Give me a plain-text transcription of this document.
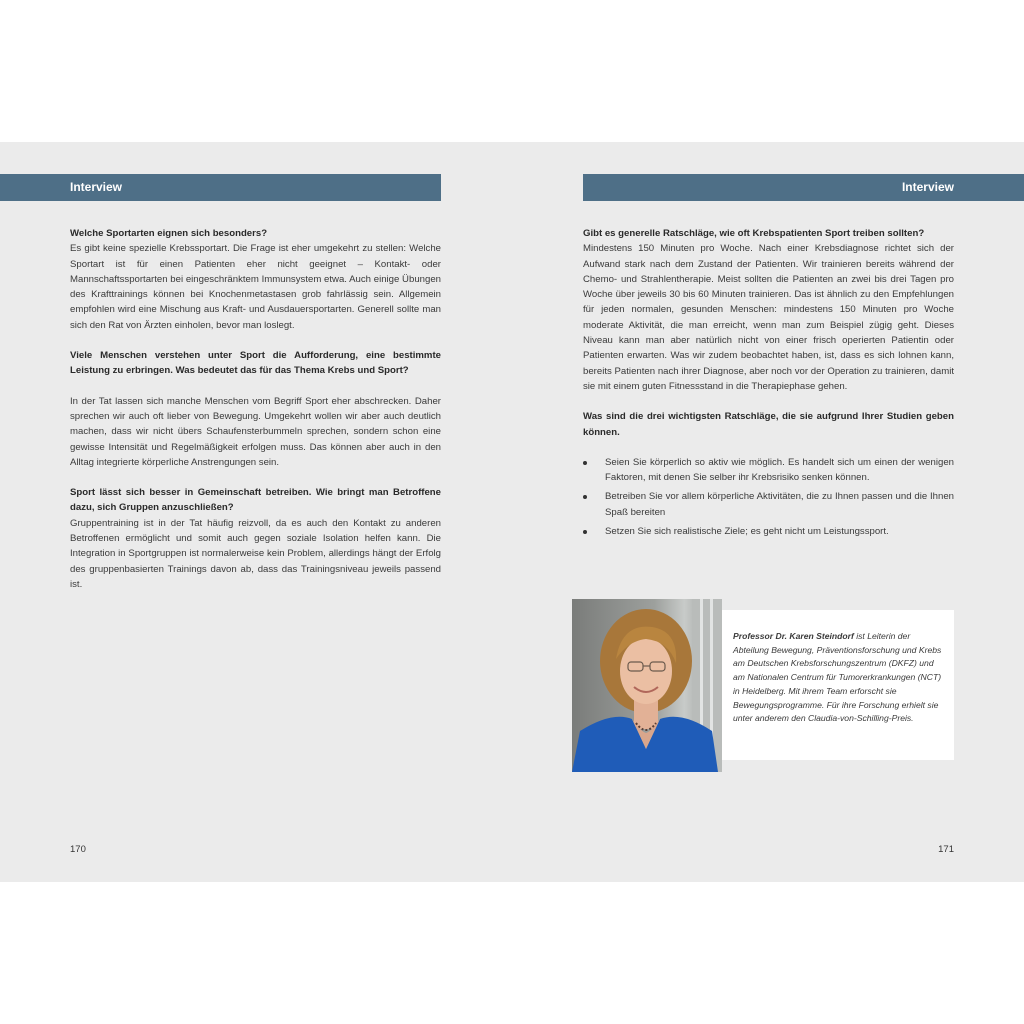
Interview

Welche Sportarten eignen sich besonders?

Es gibt keine spezielle Krebssportart. Die Frage ist eher umgekehrt zu stellen: Welche Sportart ist für einen Patienten eher nicht geeignet – Kontakt- oder Mannschaftssportarten bei eingeschränktem Immunsystem etwa. Auch einige Übungen des Krafttrainings können bei Knochenmetastasen grob fahrlässig sein. Allgemein empfohlen wird eine Mischung aus Kraft- und Ausdauersportarten. Generell sollte man sich den Rat von Ärzten einholen, bevor man loslegt.

Viele Menschen verstehen unter Sport die Aufforderung, eine bestimmte Leistung zu erbringen. Was bedeutet das für das Thema Krebs und Sport?

In der Tat lassen sich manche Menschen vom Begriff Sport eher abschrecken. Daher sprechen wir auch oft lieber von Bewegung. Umgekehrt wollen wir aber auch deutlich machen, dass wir nicht übers Schaufensterbummeln sprechen, sondern schon eine gewisse Intensität und Regelmäßigkeit erfolgen muss. Das können aber auch in den Alltag integrierte körperliche Anstrengungen sein.

Sport lässt sich besser in Gemeinschaft betreiben. Wie bringt man Betroffene dazu, sich Gruppen anzuschließen?

Gruppentraining ist in der Tat häufig reizvoll, da es auch den Kontakt zu anderen Betroffenen ermöglicht und somit auch gegen soziale Isolation helfen kann. Die Integration in Sportgruppen ist normalerweise kein Problem, allerdings hängt der Erfolg des gruppenbasierten Trainings davon ab, dass das Trainingsniveau jeweils passend ist.

170
Interview

Gibt es generelle Ratschläge, wie oft Krebspatienten Sport treiben sollten?

Mindestens 150 Minuten pro Woche. Nach einer Krebsdiagnose richtet sich der Aufwand stark nach dem Zustand der Patienten. Wir trainieren bereits während der Chemo- und Strahlentherapie. Meist sollten die Patienten an zwei bis drei Tagen pro Woche über jeweils 30 bis 60 Minuten trainieren. Das ist ähnlich zu den Empfehlungen für jeden normalen, gesunden Menschen: mindestens 150 Minuten pro Woche moderate Aktivität, die man erreicht, wenn man zum Beispiel zügig geht. Dieses Niveau kann man aber natürlich nicht von einer frisch operierten Patientin oder Patienten erwarten. Was wir zudem beobachtet haben, ist, dass es sich lohnen kann, bereits Patienten nach ihrer Diagnose, aber noch vor der Operation zu trainieren, damit sie mit einem guten Fitnessstand in die Therapiephase gehen.

Was sind die drei wichtigsten Ratschläge, die sie aufgrund Ihrer Studien geben können.

Seien Sie körperlich so aktiv wie möglich. Es handelt sich um einen der wenigen Faktoren, mit denen Sie selber ihr Krebsrisiko senken können.
Betreiben Sie vor allem körperliche Aktivitäten, die zu Ihnen passen und die Ihnen Spaß bereiten
Setzen Sie sich realistische Ziele; es geht nicht um Leistungssport.

Professor Dr. Karen Steindorf ist Leiterin der Abteilung Bewegung, Präventionsforschung und Krebs am Deutschen Krebsforschungszentrum (DKFZ) und am Nationalen Centrum für Tumorerkrankungen (NCT) in Heidelberg. Mit ihrem Team erforscht sie Bewegungsprogramme. Für ihre Forschung erhielt sie unter anderem den Claudia-von-Schilling-Preis.

171
